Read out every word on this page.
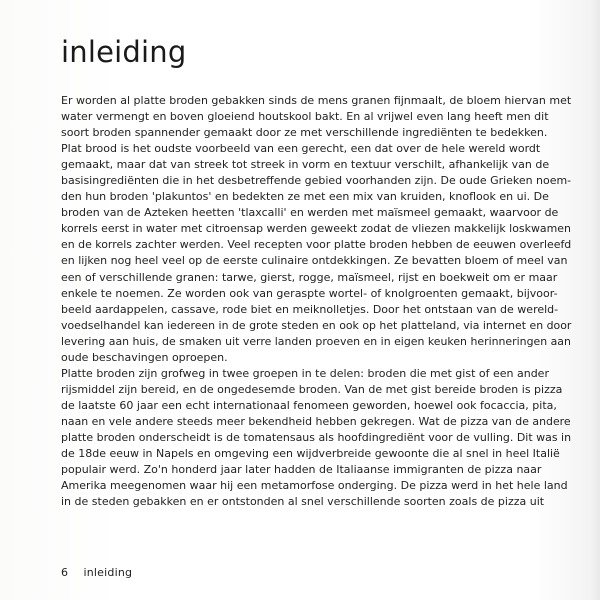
inleiding
Er worden al platte broden gebakken sinds de mens granen fijnmaalt, de bloem hiervan met
water vermengt en boven gloeiend houtskool bakt. En al vrijwel even lang heeft men dit
soort broden spannender gemaakt door ze met verschillende ingrediënten te bedekken.
Plat brood is het oudste voorbeeld van een gerecht, een dat over de hele wereld wordt
gemaakt, maar dat van streek tot streek in vorm en textuur verschilt, afhankelijk van de
basisingrediënten die in het desbetreffende gebied voorhanden zijn. De oude Grieken noem-
den hun broden 'plakuntos' en bedekten ze met een mix van kruiden, knoflook en ui. De
broden van de Azteken heetten 'tlaxcalli' en werden met maïsmeel gemaakt, waarvoor de
korrels eerst in water met citroensap werden geweekt zodat de vliezen makkelijk loskwamen
en de korrels zachter werden. Veel recepten voor platte broden hebben de eeuwen overleefd
en lijken nog heel veel op de eerste culinaire ontdekkingen. Ze bevatten bloem of meel van
een of verschillende granen: tarwe, gierst, rogge, maïsmeel, rijst en boekweit om er maar
enkele te noemen. Ze worden ook van geraspte wortel- of knolgroenten gemaakt, bijvoor-
beeld aardappelen, cassave, rode biet en meiknolletjes. Door het ontstaan van de wereld-
voedselhandel kan iedereen in de grote steden en ook op het platteland, via internet en door
levering aan huis, de smaken uit verre landen proeven en in eigen keuken herinneringen aan
oude beschavingen oproepen.
Platte broden zijn grofweg in twee groepen in te delen: broden die met gist of een ander
rijsmiddel zijn bereid, en de ongedesemde broden. Van de met gist bereide broden is pizza
de laatste 60 jaar een echt internationaal fenomeen geworden, hoewel ook focaccia, pita,
naan en vele andere steeds meer bekendheid hebben gekregen. Wat de pizza van de andere
platte broden onderscheidt is de tomatensaus als hoofdingrediënt voor de vulling. Dit was in
de 18de eeuw in Napels en omgeving een wijdverbreide gewoonte die al snel in heel Italië
populair werd. Zo'n honderd jaar later hadden de Italiaanse immigranten de pizza naar
Amerika meegenomen waar hij een metamorfose onderging. De pizza werd in het hele land
in de steden gebakken en er ontstonden al snel verschillende soorten zoals de pizza uit
6 inleiding
